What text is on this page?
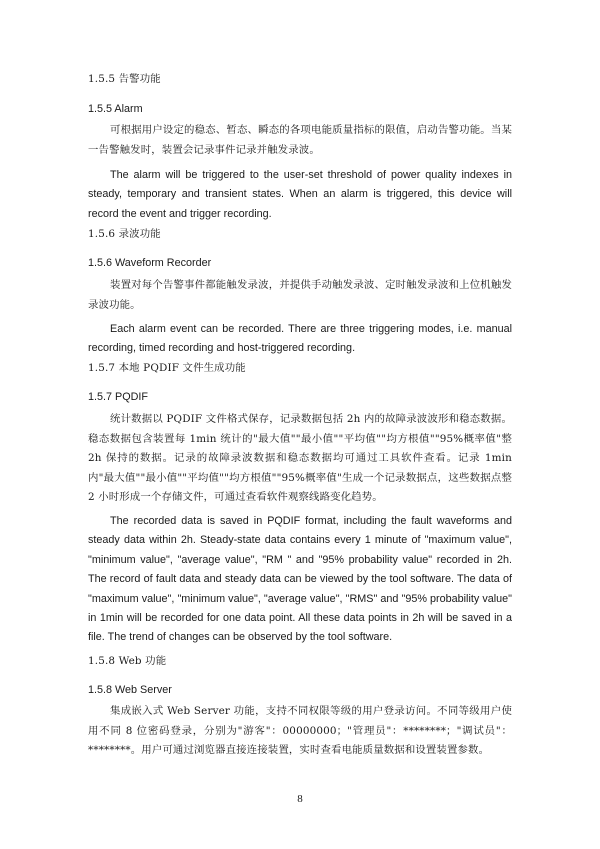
1.5.5 告警功能
1.5.5 Alarm

可根据用户设定的稳态、暂态、瞬态的各项电能质量指标的限值，启动告警功能。当某一告警触发时，装置会记录事件记录并触发录波。

The alarm will be triggered to the user-set threshold of power quality indexes in steady, temporary and transient states. When an alarm is triggered, this device will record the event and trigger recording.

1.5.6 录波功能
1.5.6 Waveform Recorder

装置对每个告警事件都能触发录波，并提供手动触发录波、定时触发录波和上位机触发录波功能。

Each alarm event can be recorded. There are three triggering modes, i.e. manual recording, timed recording and host-triggered recording.

1.5.7 本地 PQDIF 文件生成功能
1.5.7 PQDIF

统计数据以 PQDIF 文件格式保存，记录数据包括 2h 内的故障录波波形和稳态数据。稳态数据包含装置每 1min 统计的"最大值""最小值""平均值""均方根值""95%概率值"整 2h 保持的数据。记录的故障录波数据和稳态数据均可通过工具软件查看。记录 1min 内"最大值""最小值""平均值""均方根值""95%概率值"生成一个记录数据点，这些数据点整 2 小时形成一个存储文件，可通过查看软件观察线路变化趋势。

The recorded data is saved in PQDIF format, including the fault waveforms and steady data within 2h. Steady-state data contains every 1 minute of "maximum value", "minimum value", "average value", "RM " and "95% probability value" recorded in 2h. The record of fault data and steady data can be viewed by the tool software. The data of "maximum value", "minimum value", "average value", "RMS" and "95% probability value" in 1min will be recorded for one data point. All these data points in 2h will be saved in a file. The trend of changes can be observed by the tool software.

1.5.8 Web 功能
1.5.8 Web Server

集成嵌入式 Web Server 功能，支持不同权限等级的用户登录访问。不同等级用户使用不同 8 位密码登录，分别为"游客"：00000000；"管理员"：********；"调试员"：********。用户可通过浏览器直接连接装置，实时查看电能质量数据和设置装置参数。

8
